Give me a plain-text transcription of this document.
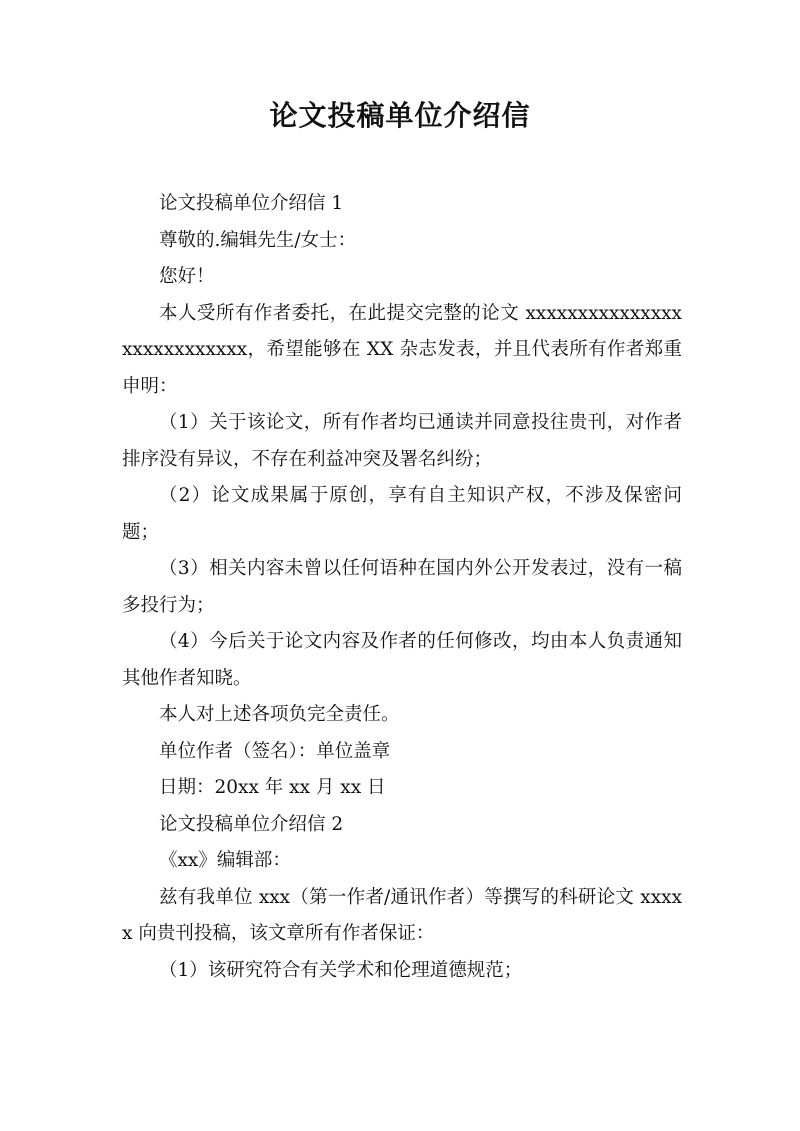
论文投稿单位介绍信

论文投稿单位介绍信 1

尊敬的.编辑先生/女士：

您好！

本人受所有作者委托，在此提交完整的论文 xxxxxxxxxxxxxxxxxxxxxxxxxxx，希望能够在 XX 杂志发表，并且代表所有作者郑重申明：

（1）关于该论文，所有作者均已通读并同意投往贵刊，对作者排序没有异议，不存在利益冲突及署名纠纷；

（2）论文成果属于原创，享有自主知识产权，不涉及保密问题；

（3）相关内容未曾以任何语种在国内外公开发表过，没有一稿多投行为；

（4）今后关于论文内容及作者的任何修改，均由本人负责通知其他作者知晓。

本人对上述各项负完全责任。

单位作者（签名）：单位盖章

日期：20xx 年 xx 月 xx 日

论文投稿单位介绍信 2

《xx》编辑部：

兹有我单位 xxx（第一作者/通讯作者）等撰写的科研论文 xxxxx 向贵刊投稿，该文章所有作者保证：

（1）该研究符合有关学术和伦理道德规范；
